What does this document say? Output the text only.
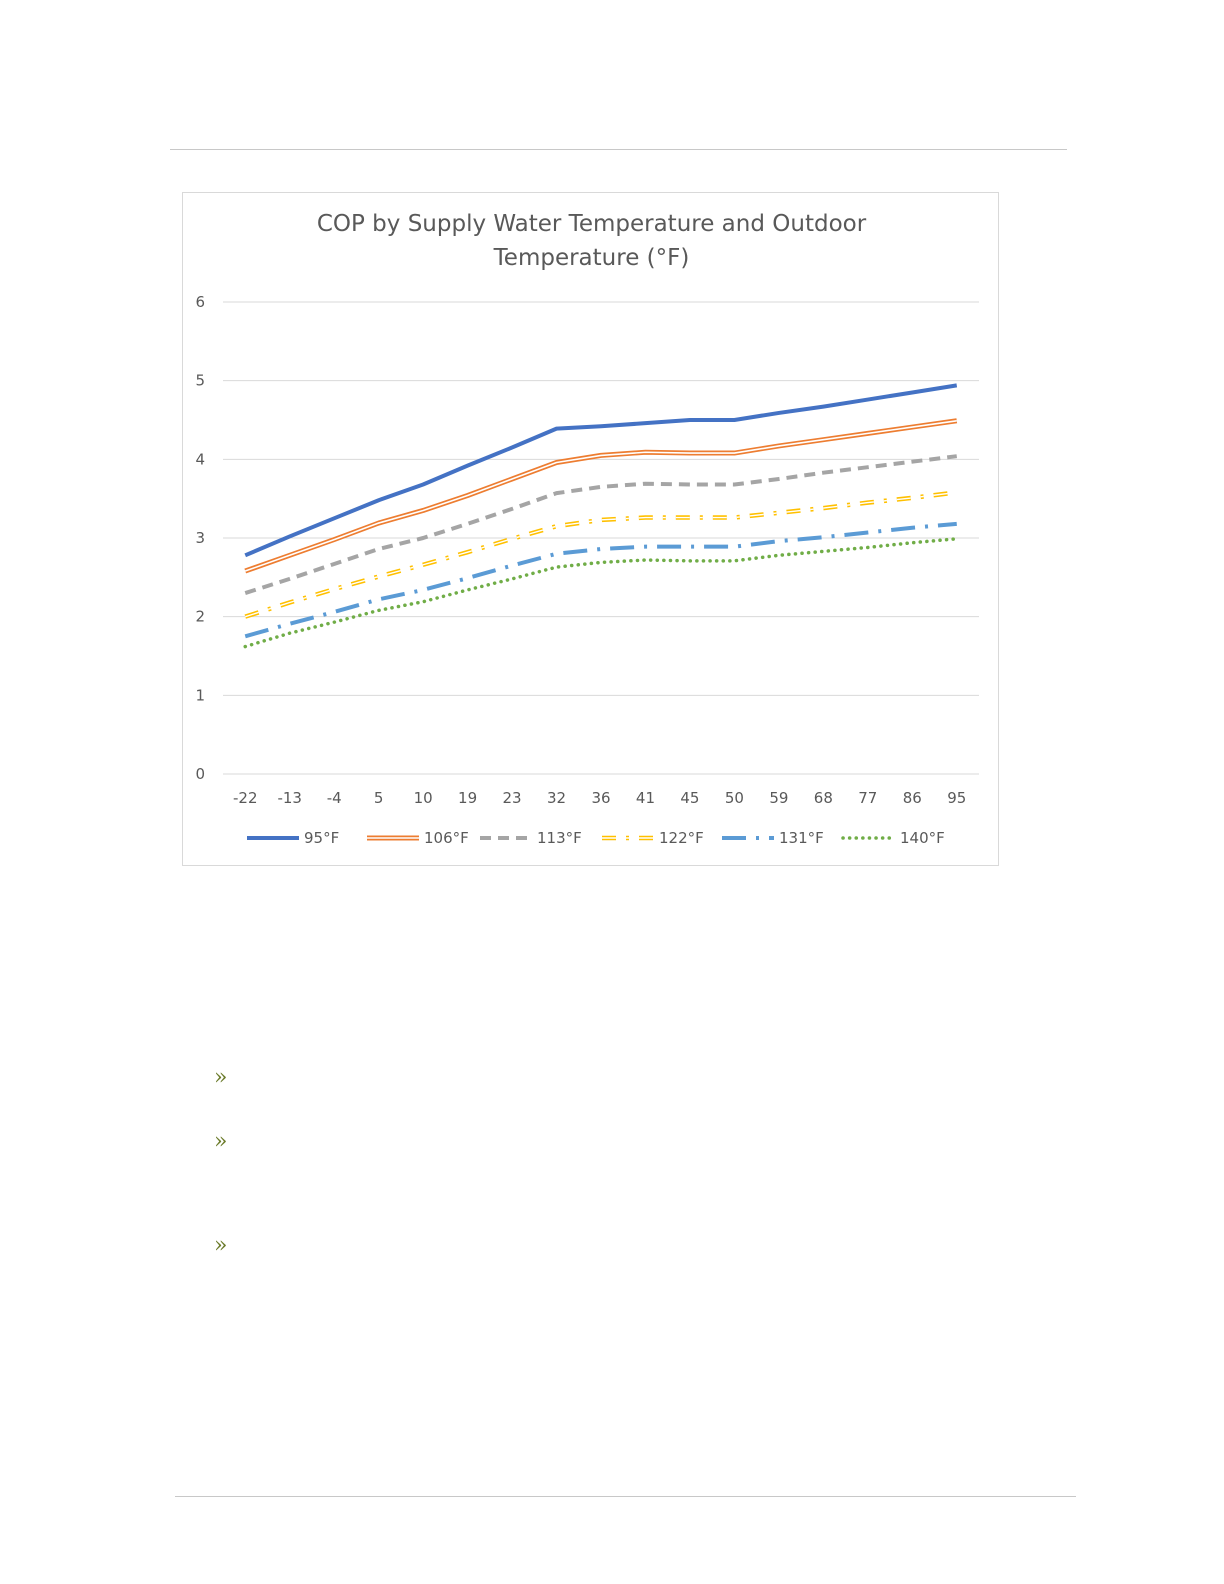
COP by Supply Water Temperature and Outdoor
Temperature (°F)
0
1
2
3
4
5
6
-22 -13 -4 5 10 19 23 32 36 41 45 50 59 68 77 86 95
95°F	106°F	113°F	122°F	131°F	140°F
»
»
»
